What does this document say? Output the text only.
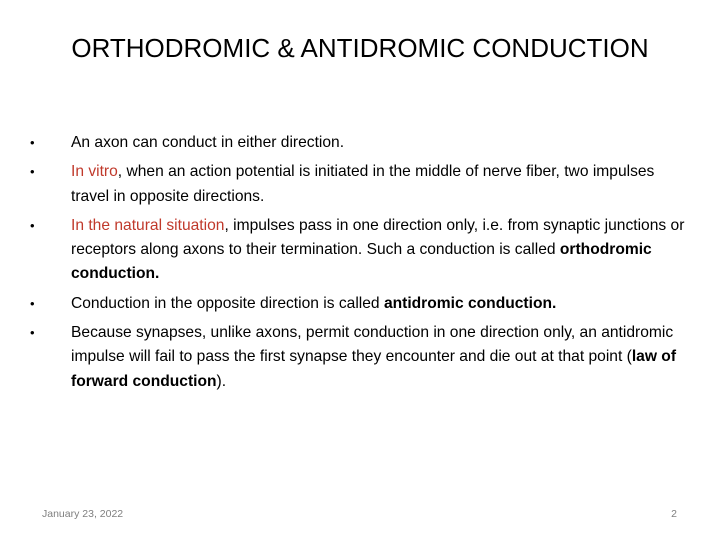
ORTHODROMIC & ANTIDROMIC CONDUCTION
•	An axon can conduct in either direction.
•	In vitro, when an action potential is initiated in the middle of nerve fiber, two impulses travel in opposite directions.
•	In the natural situation, impulses pass in one direction only, i.e. from synaptic junctions or receptors along axons to their termination. Such a conduction is called orthodromic conduction.
•	Conduction in the opposite direction is called antidromic conduction.
•	Because synapses, unlike axons, permit conduction in one direction only, an antidromic impulse will fail to pass the first synapse they encounter and die out at that point (law of forward conduction).
January 23, 2022	2
